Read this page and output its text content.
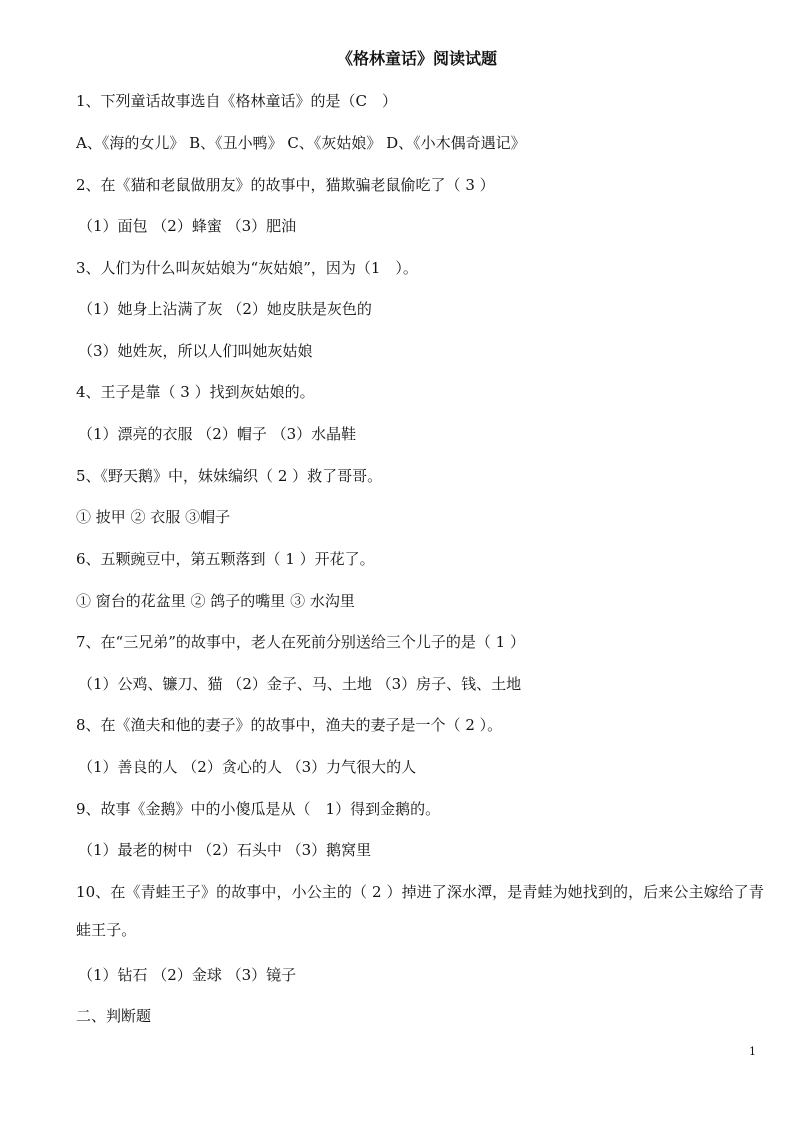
《格林童话》阅读试题
1、下列童话故事选自《格林童话》的是（C　）
A、《海的女儿》 B、《丑小鸭》 C、《灰姑娘》 D、《小木偶奇遇记》
2、在《猫和老鼠做朋友》的故事中，猫欺骗老鼠偷吃了（ 3 ）
（1）面包 （2）蜂蜜 （3）肥油
3、人们为什么叫灰姑娘为“灰姑娘”，因为（1　）。
（1）她身上沾满了灰 （2）她皮肤是灰色的
（3）她姓灰，所以人们叫她灰姑娘
4、王子是靠（ 3 ）找到灰姑娘的。
（1）漂亮的衣服 （2）帽子 （3）水晶鞋
5、《野天鹅》中，妹妹编织（ 2 ）救了哥哥。
① 披甲 ② 衣服 ③帽子
6、五颗豌豆中，第五颗落到（ 1 ）开花了。
① 窗台的花盆里 ② 鸽子的嘴里 ③ 水沟里
7、在“三兄弟”的故事中，老人在死前分别送给三个儿子的是（ 1 ）
（1）公鸡、镰刀、猫 （2）金子、马、土地 （3）房子、钱、土地
8、在《渔夫和他的妻子》的故事中，渔夫的妻子是一个（ 2 ）。
（1）善良的人 （2）贪心的人 （3）力气很大的人
9、故事《金鹅》中的小傻瓜是从（　1）得到金鹅的。
（1）最老的树中 （2）石头中 （3）鹅窝里
10、在《青蛙王子》的故事中，小公主的（ 2 ）掉进了深水潭，是青蛙为她找到的，后来公主嫁给了青蛙王子。
（1）钻石 （2）金球 （3）镜子
二、判断题
1
